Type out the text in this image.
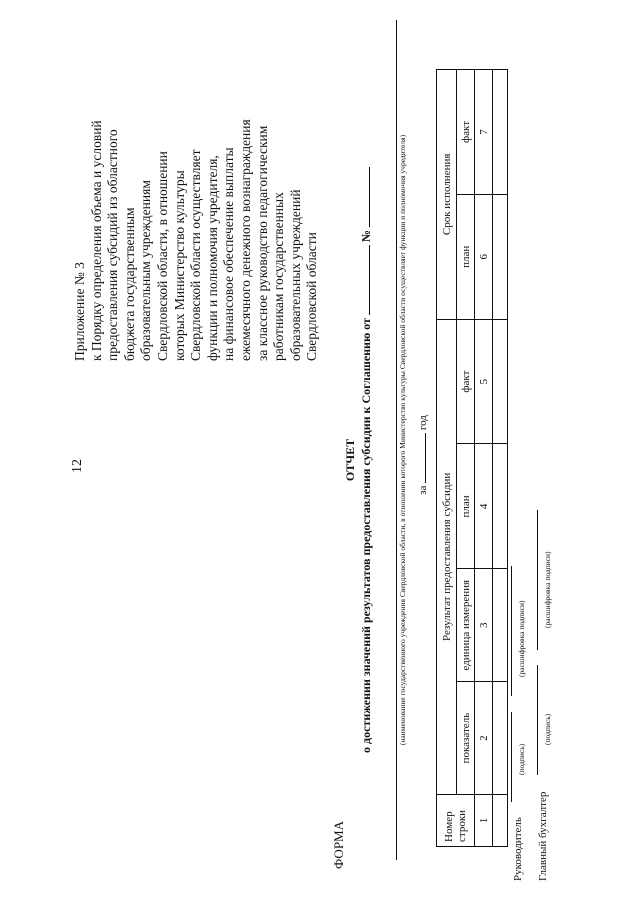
12
Приложение № 3 к Порядку определения объема и условий предоставления субсидий из областного бюджета государственным образовательным учреждениям Свердловской области, в отношении которых Министерство культуры Свердловской области осуществляет функции и полномочия учредителя, на финансовое обеспечение выплаты ежемесячного денежного вознаграждения за классное руководство педагогическим работникам государственных образовательных учреждений Свердловской области
ФОРМА
ОТЧЕТ о достижении значений результатов предоставления субсидии к Соглашению от  №	(наименование государственного учреждения Свердловской области, в отношении которого Министерство культуры Свердловской области осуществляет функции и полномочия учредителя) за  год
Номер строки	Результат предоставления субсидии				Срок исполнения	
	показатель	единица измерения	план	факт	план	факт
1	2	3	4	5	6	7

Руководитель
(подпись)
(расшифровка подписи)
Главный бухгалтер
(подпись)
(расшифровка подписи)
